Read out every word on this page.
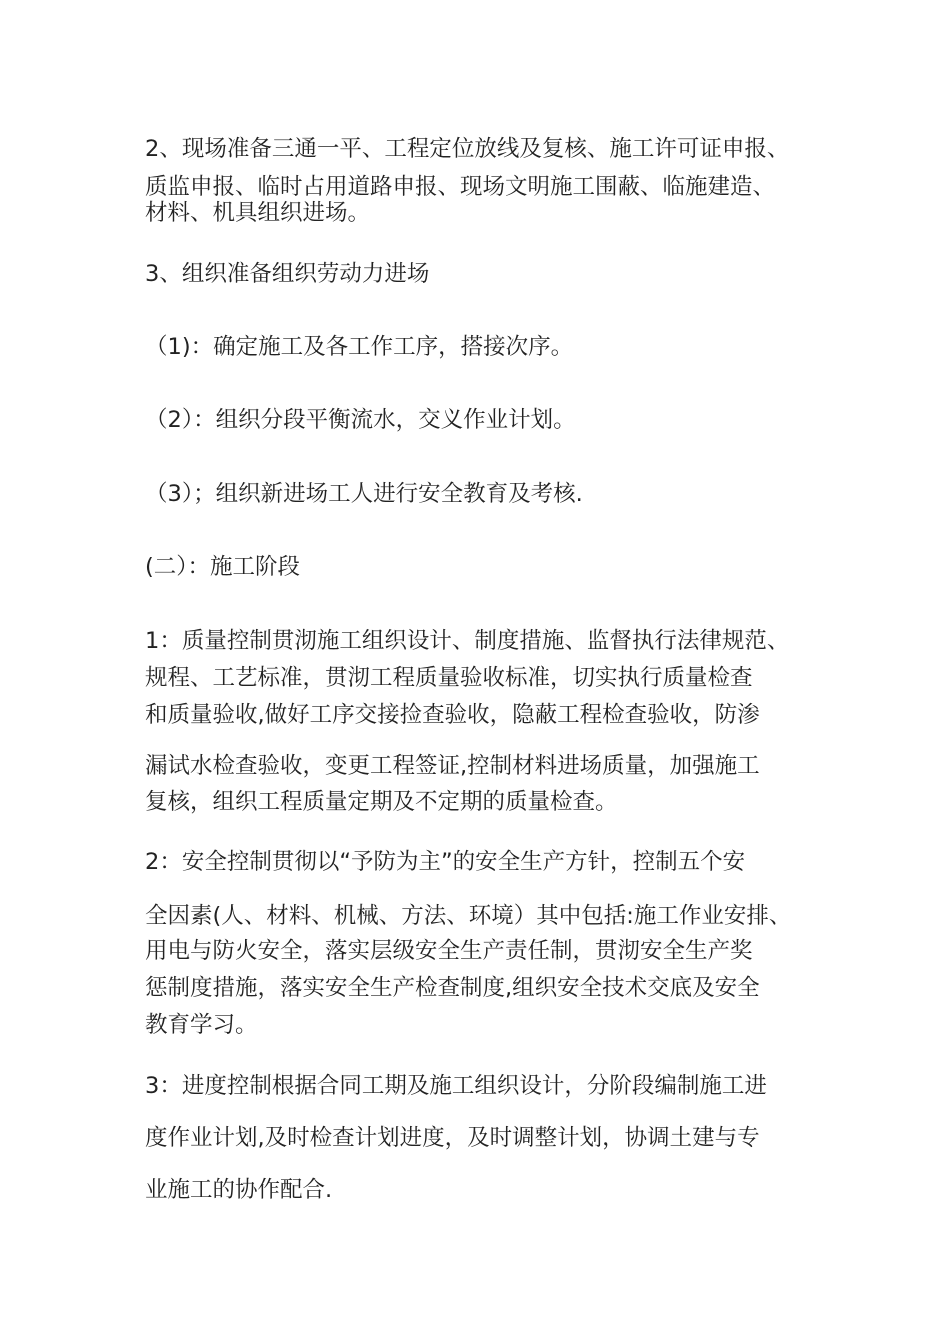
2、现场准备三通一平、工程定位放线及复核、施工许可证申报、
质监申报、临时占用道路申报、现场文明施工围蔽、临施建造、
材料、机具组织进场。
3、组织准备组织劳动力进场
（1)：确定施工及各工作工序，搭接次序。
（2）：组织分段平衡流水，交义作业计划。
（3）；组织新进场工人进行安全教育及考核.
(二）：施工阶段
1：质量控制贯沏施工组织设计、制度措施、监督执行法律规范、
规程、工艺标准，贯沏工程质量验收标准，切实执行质量检查
和质量验收,做好工序交接捡查验收，隐蔽工程检查验收，防渗
漏试水检查验收，变更工程签证,控制材料进场质量，加强施工
复核，组织工程质量定期及不定期的质量检查。
2：安全控制贯彻以“予防为主”的安全生产方针，控制五个安
全因素(人、材料、机械、方法、环境）其中包括:施工作业安排、
用电与防火安全，落实层级安全生产责任制，贯沏安全生产奖
惩制度措施，落实安全生产检查制度,组织安全技术交底及安全
教育学习。
3：进度控制根据合同工期及施工组织设计，分阶段编制施工进
度作业计划,及时检查计划进度，及时调整计划，协调土建与专
业施工的协作配合.
